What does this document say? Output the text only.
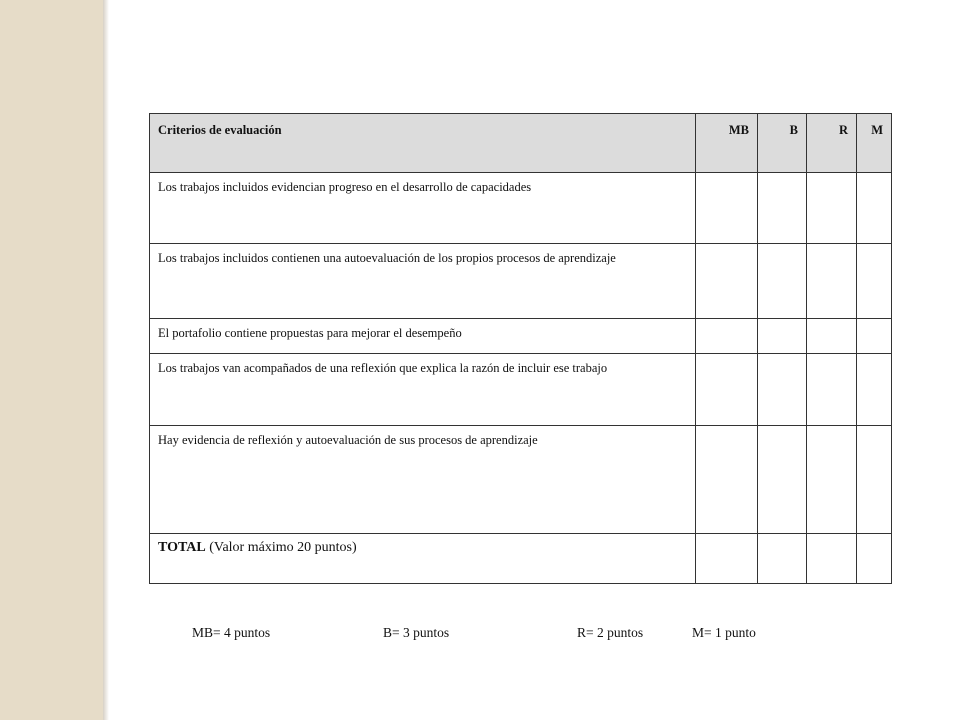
Criterios de evaluación	MB	B	R	M
Los trabajos incluidos evidencian progreso en el desarrollo de capacidades				
Los trabajos incluidos contienen una autoevaluación de los propios procesos de aprendizaje				
El portafolio contiene propuestas para mejorar el desempeño				
Los trabajos van acompañados de una reflexión que explica la razón de incluir ese trabajo				
Hay evidencia de reflexión y autoevaluación de sus procesos de aprendizaje				
TOTAL (Valor máximo 20 puntos)				
MB= 4 puntos	B= 3 puntos	R= 2 puntos	M= 1 punto
